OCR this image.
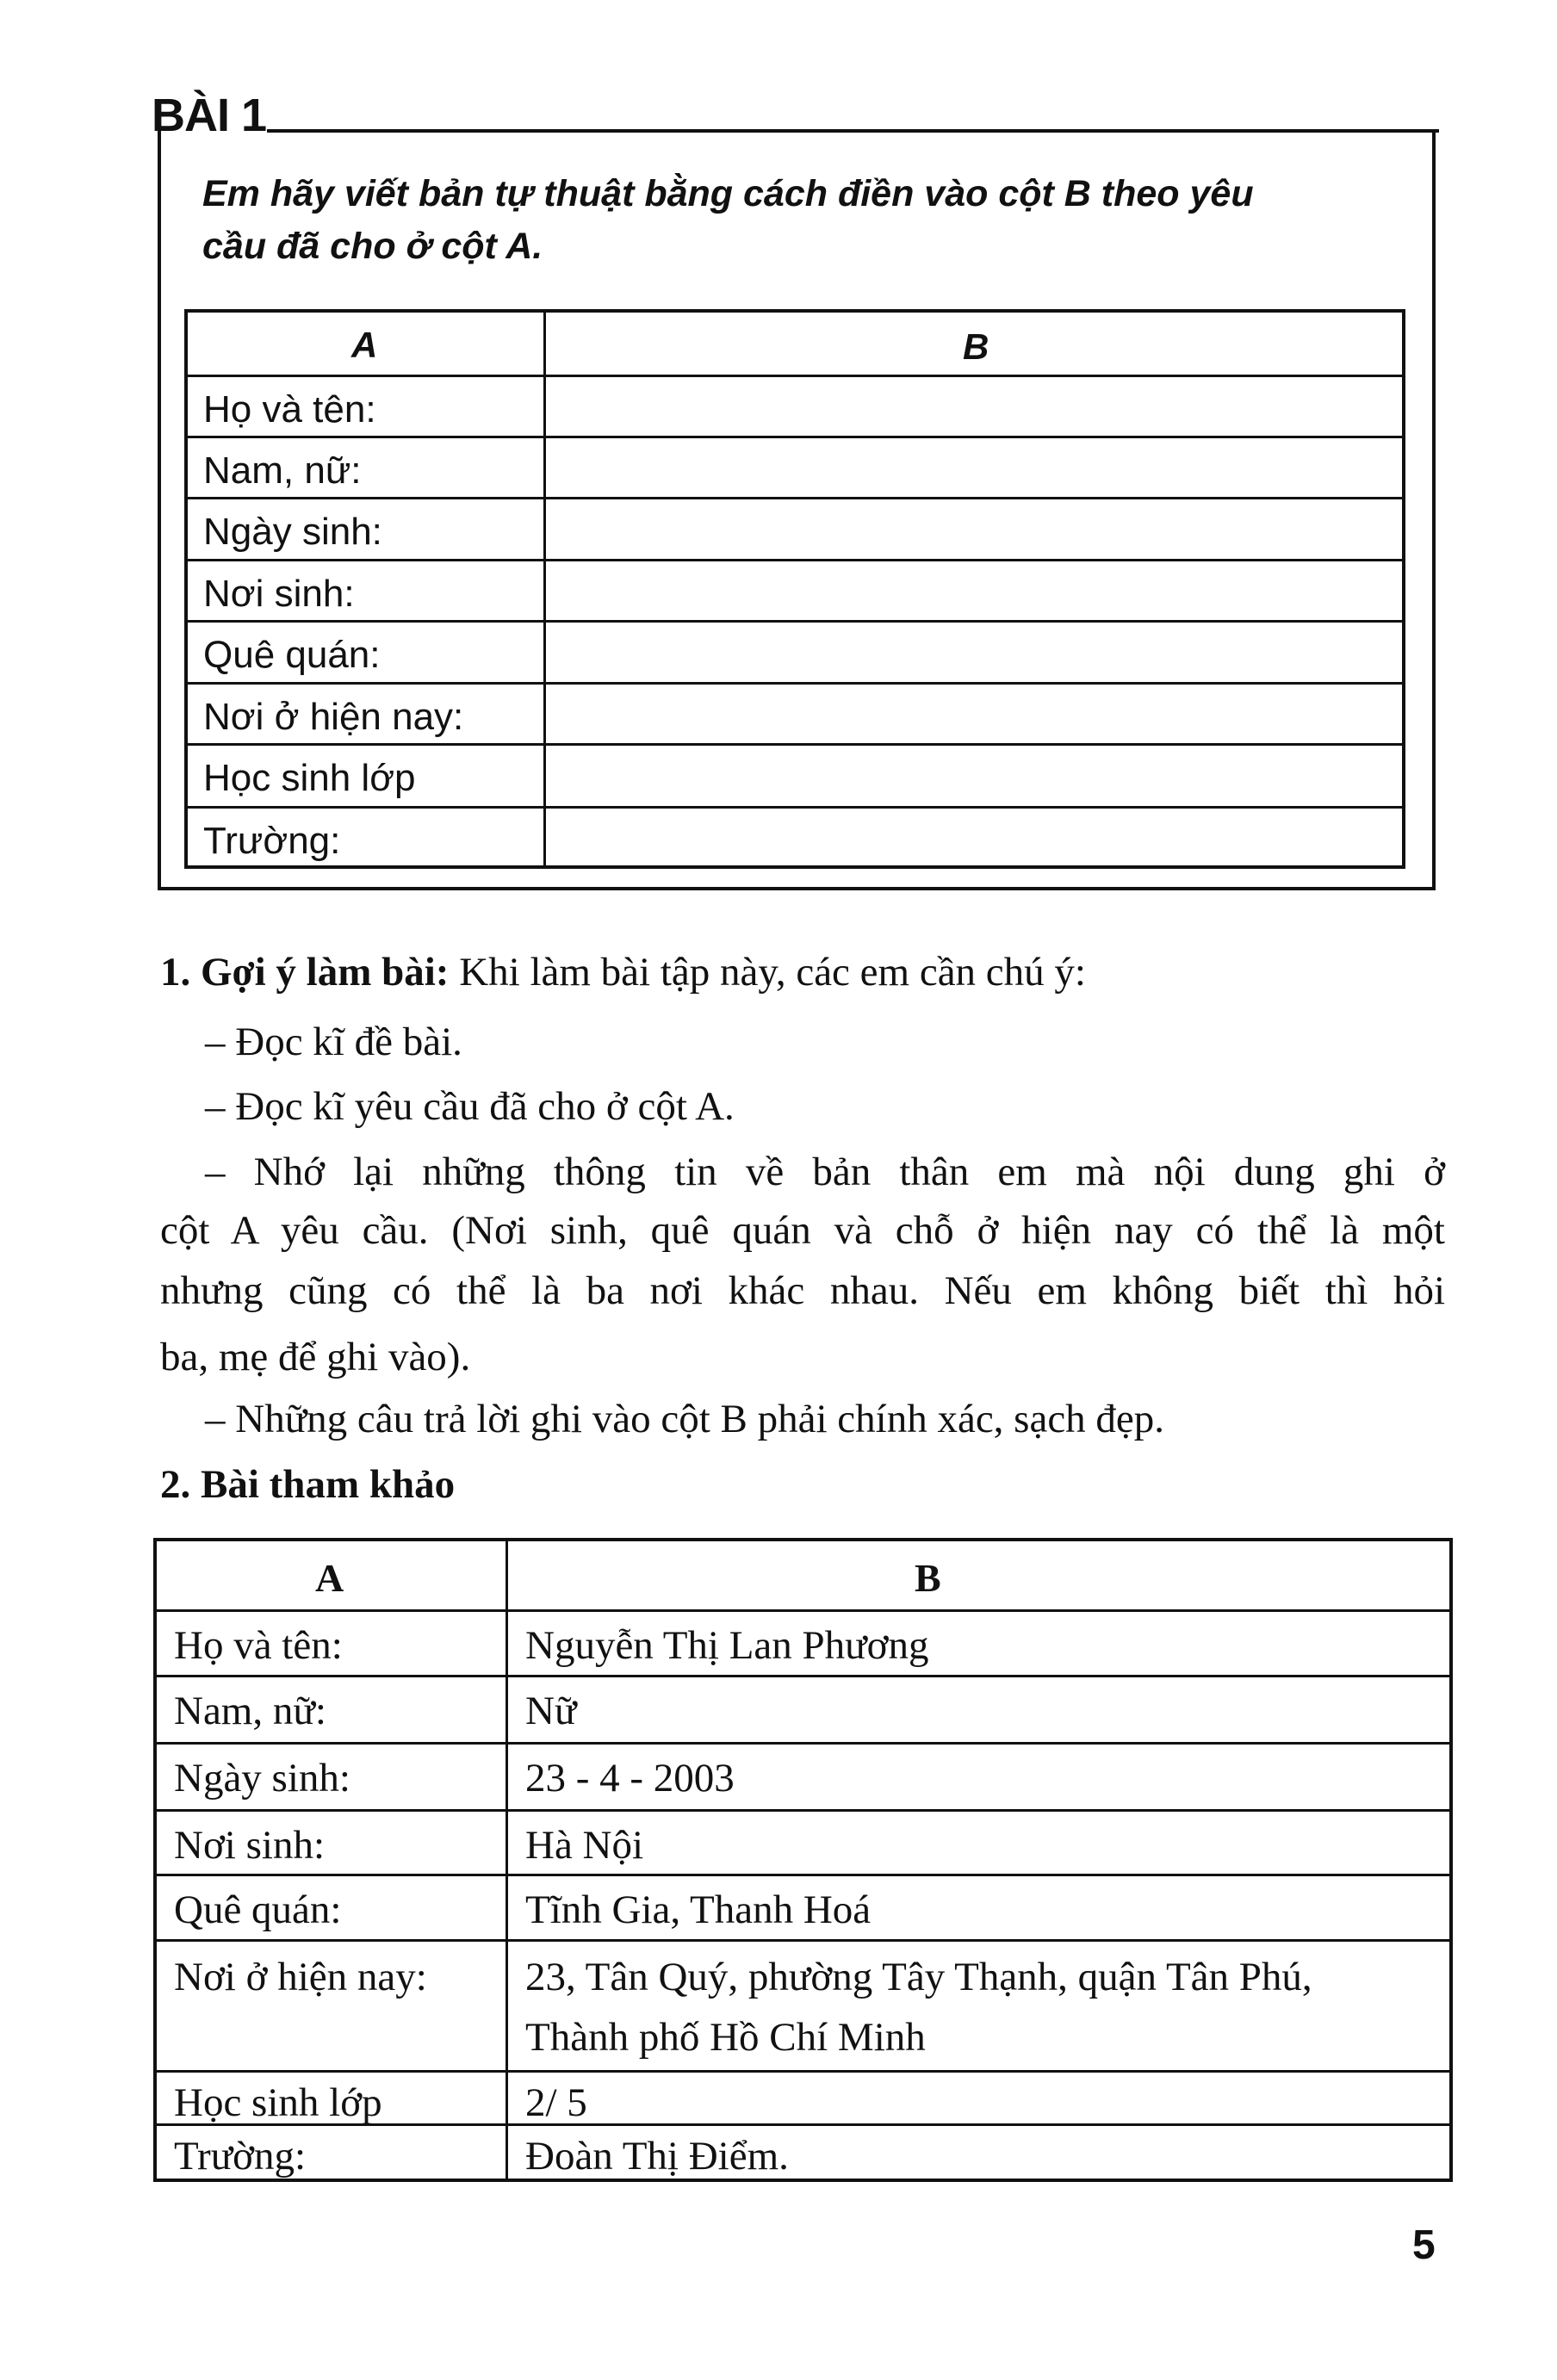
BÀI 1
Em hãy viết bản tự thuật bằng cách điền vào cột B theo yêu
cầu đã cho ở cột A.
A	B
Họ và tên:
Nam, nữ:
Ngày sinh:
Nơi sinh:
Quê quán:
Nơi ở hiện nay:
Học sinh lớp
Trường:
1. Gợi ý làm bài: Khi làm bài tập này, các em cần chú ý:
– Đọc kĩ đề bài.
– Đọc kĩ yêu cầu đã cho ở cột A.
– Nhớ lại những thông tin về bản thân em mà nội dung ghi ở
cột A yêu cầu. (Nơi sinh, quê quán và chỗ ở hiện nay có thể là một
nhưng cũng có thể là ba nơi khác nhau. Nếu em không biết thì hỏi
ba, mẹ để ghi vào).
– Những câu trả lời ghi vào cột B phải chính xác, sạch đẹp.
2. Bài tham khảo
A	B
Họ và tên:	Nguyễn Thị Lan Phương
Nam, nữ:	Nữ
Ngày sinh:	23 - 4 - 2003
Nơi sinh:	Hà Nội
Quê quán:	Tĩnh Gia, Thanh Hoá
Nơi ở hiện nay: 23, Tân Quý, phường Tây Thạnh, quận Tân Phú,
Thành phố Hồ Chí Minh
Học sinh lớp	2/ 5
Trường:	Đoàn Thị Điểm.
5
